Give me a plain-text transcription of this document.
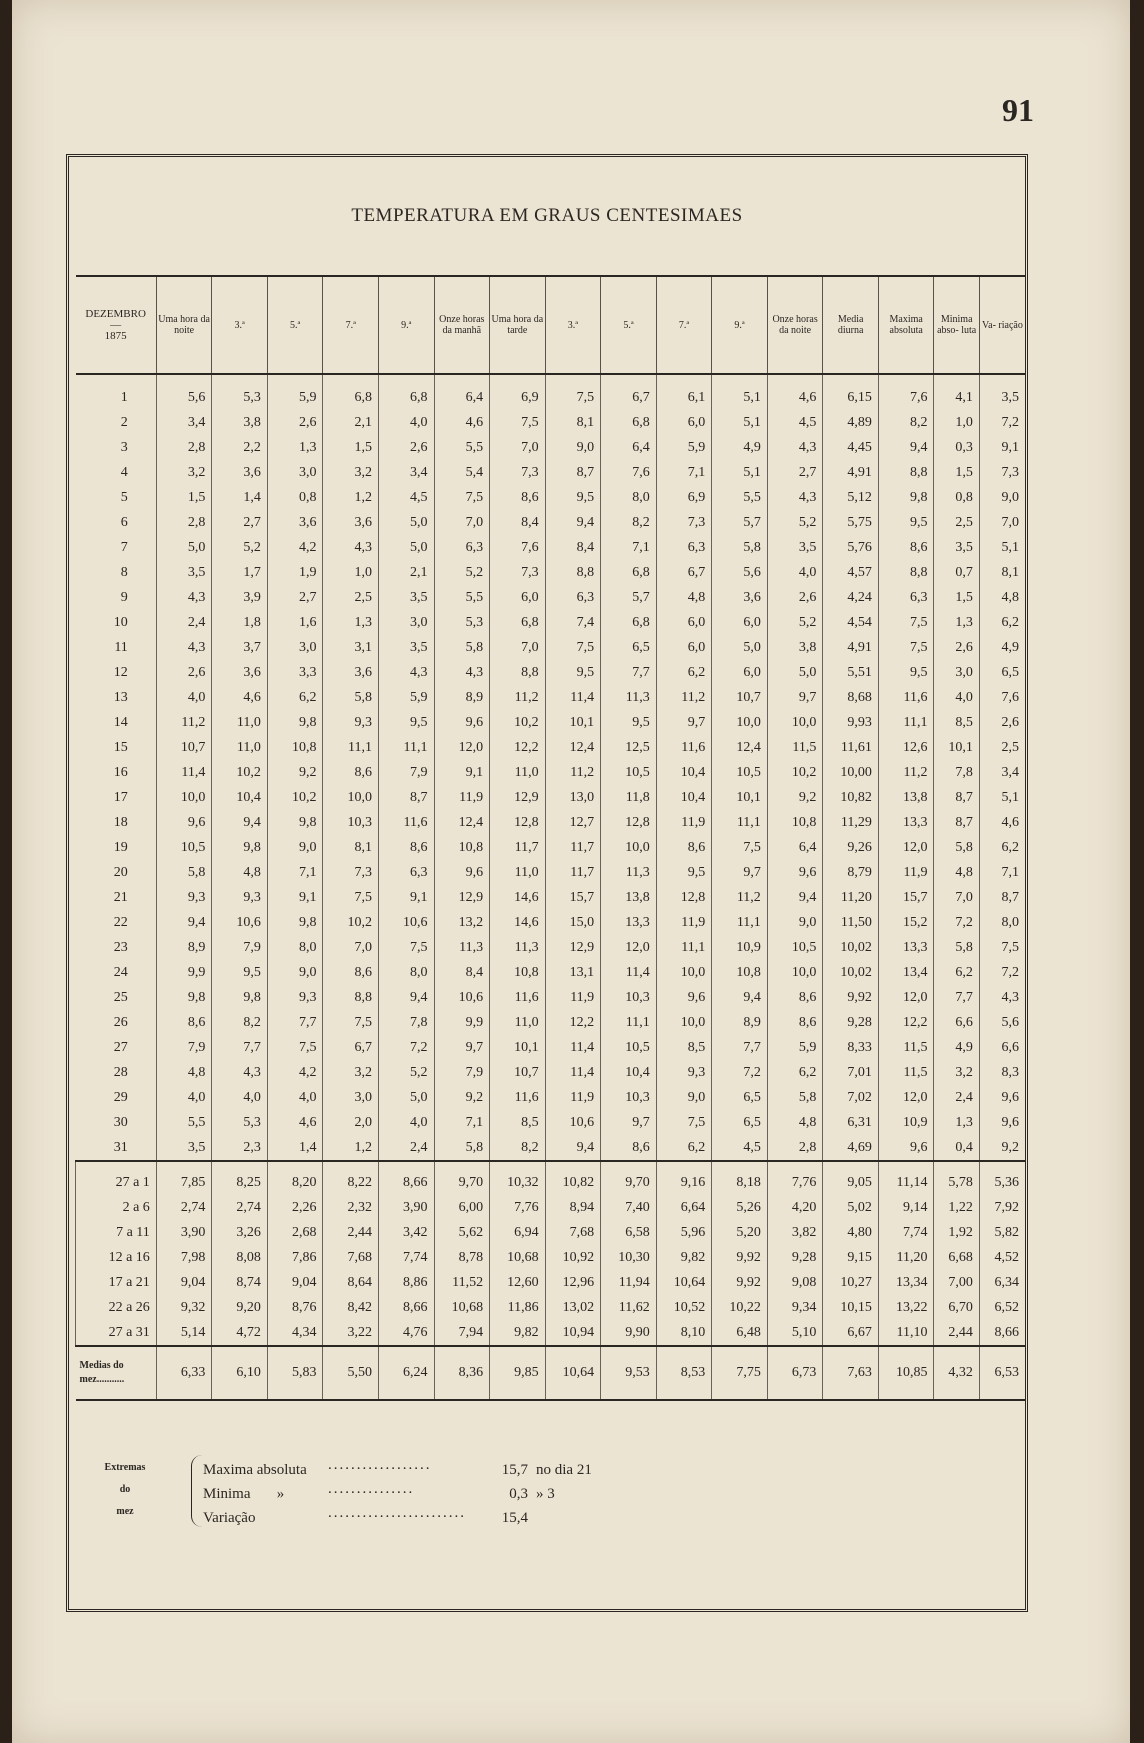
91
TEMPERATURA EM GRAUS CENTESIMAES
DEZEMBRO
—
1875	Uma hora da noite	3.ª	5.ª	7.ª	9.ª	Onze horas da manhã	Uma hora da tarde	3.ª	5.ª	7.ª	9.ª	Onze horas da noite	Media diurna	Maxima absoluta	Minima abso- luta	Va- riação
1	5,6	5,3	5,9	6,8	6,8	6,4	6,9	7,5	6,7	6,1	5,1	4,6	6,15	7,6	4,1	3,5
2	3,4	3,8	2,6	2,1	4,0	4,6	7,5	8,1	6,8	6,0	5,1	4,5	4,89	8,2	1,0	7,2
3	2,8	2,2	1,3	1,5	2,6	5,5	7,0	9,0	6,4	5,9	4,9	4,3	4,45	9,4	0,3	9,1
4	3,2	3,6	3,0	3,2	3,4	5,4	7,3	8,7	7,6	7,1	5,1	2,7	4,91	8,8	1,5	7,3
5	1,5	1,4	0,8	1,2	4,5	7,5	8,6	9,5	8,0	6,9	5,5	4,3	5,12	9,8	0,8	9,0
6	2,8	2,7	3,6	3,6	5,0	7,0	8,4	9,4	8,2	7,3	5,7	5,2	5,75	9,5	2,5	7,0
7	5,0	5,2	4,2	4,3	5,0	6,3	7,6	8,4	7,1	6,3	5,8	3,5	5,76	8,6	3,5	5,1
8	3,5	1,7	1,9	1,0	2,1	5,2	7,3	8,8	6,8	6,7	5,6	4,0	4,57	8,8	0,7	8,1
9	4,3	3,9	2,7	2,5	3,5	5,5	6,0	6,3	5,7	4,8	3,6	2,6	4,24	6,3	1,5	4,8
10	2,4	1,8	1,6	1,3	3,0	5,3	6,8	7,4	6,8	6,0	6,0	5,2	4,54	7,5	1,3	6,2
11	4,3	3,7	3,0	3,1	3,5	5,8	7,0	7,5	6,5	6,0	5,0	3,8	4,91	7,5	2,6	4,9
12	2,6	3,6	3,3	3,6	4,3	4,3	8,8	9,5	7,7	6,2	6,0	5,0	5,51	9,5	3,0	6,5
13	4,0	4,6	6,2	5,8	5,9	8,9	11,2	11,4	11,3	11,2	10,7	9,7	8,68	11,6	4,0	7,6
14	11,2	11,0	9,8	9,3	9,5	9,6	10,2	10,1	9,5	9,7	10,0	10,0	9,93	11,1	8,5	2,6
15	10,7	11,0	10,8	11,1	11,1	12,0	12,2	12,4	12,5	11,6	12,4	11,5	11,61	12,6	10,1	2,5
16	11,4	10,2	9,2	8,6	7,9	9,1	11,0	11,2	10,5	10,4	10,5	10,2	10,00	11,2	7,8	3,4
17	10,0	10,4	10,2	10,0	8,7	11,9	12,9	13,0	11,8	10,4	10,1	9,2	10,82	13,8	8,7	5,1
18	9,6	9,4	9,8	10,3	11,6	12,4	12,8	12,7	12,8	11,9	11,1	10,8	11,29	13,3	8,7	4,6
19	10,5	9,8	9,0	8,1	8,6	10,8	11,7	11,7	10,0	8,6	7,5	6,4	9,26	12,0	5,8	6,2
20	5,8	4,8	7,1	7,3	6,3	9,6	11,0	11,7	11,3	9,5	9,7	9,6	8,79	11,9	4,8	7,1
21	9,3	9,3	9,1	7,5	9,1	12,9	14,6	15,7	13,8	12,8	11,2	9,4	11,20	15,7	7,0	8,7
22	9,4	10,6	9,8	10,2	10,6	13,2	14,6	15,0	13,3	11,9	11,1	9,0	11,50	15,2	7,2	8,0
23	8,9	7,9	8,0	7,0	7,5	11,3	11,3	12,9	12,0	11,1	10,9	10,5	10,02	13,3	5,8	7,5
24	9,9	9,5	9,0	8,6	8,0	8,4	10,8	13,1	11,4	10,0	10,8	10,0	10,02	13,4	6,2	7,2
25	9,8	9,8	9,3	8,8	9,4	10,6	11,6	11,9	10,3	9,6	9,4	8,6	9,92	12,0	7,7	4,3
26	8,6	8,2	7,7	7,5	7,8	9,9	11,0	12,2	11,1	10,0	8,9	8,6	9,28	12,2	6,6	5,6
27	7,9	7,7	7,5	6,7	7,2	9,7	10,1	11,4	10,5	8,5	7,7	5,9	8,33	11,5	4,9	6,6
28	4,8	4,3	4,2	3,2	5,2	7,9	10,7	11,4	10,4	9,3	7,2	6,2	7,01	11,5	3,2	8,3
29	4,0	4,0	4,0	3,0	5,0	9,2	11,6	11,9	10,3	9,0	6,5	5,8	7,02	12,0	2,4	9,6
30	5,5	5,3	4,6	2,0	4,0	7,1	8,5	10,6	9,7	7,5	6,5	4,8	6,31	10,9	1,3	9,6
31	3,5	2,3	1,4	1,2	2,4	5,8	8,2	9,4	8,6	6,2	4,5	2,8	4,69	9,6	0,4	9,2
27 a 1	7,85	8,25	8,20	8,22	8,66	9,70	10,32	10,82	9,70	9,16	8,18	7,76	9,05	11,14	5,78	5,36
2 a 6	2,74	2,74	2,26	2,32	3,90	6,00	7,76	8,94	7,40	6,64	5,26	4,20	5,02	9,14	1,22	7,92
7 a 11	3,90	3,26	2,68	2,44	3,42	5,62	6,94	7,68	6,58	5,96	5,20	3,82	4,80	7,74	1,92	5,82
12 a 16	7,98	8,08	7,86	7,68	7,74	8,78	10,68	10,92	10,30	9,82	9,92	9,28	9,15	11,20	6,68	4,52
17 a 21	9,04	8,74	9,04	8,64	8,86	11,52	12,60	12,96	11,94	10,64	9,92	9,08	10,27	13,34	7,00	6,34
22 a 26	9,32	9,20	8,76	8,42	8,66	10,68	11,86	13,02	11,62	10,52	10,22	9,34	10,15	13,22	6,70	6,52
27 a 31	5,14	4,72	4,34	3,22	4,76	7,94	9,82	10,94	9,90	8,10	6,48	5,10	6,67	11,10	2,44	8,66

Medias do
mez...........	6,33	6,10	5,83	5,50	6,24	8,36	9,85	10,64	9,53	8,53	7,75	6,73	7,63	10,85	4,32	6,53
Extremas
do
mez
Maxima absoluta ..................	15,7 no dia 21
Minima »	...............	0,3 » 3
Variação	........................ 15,4
